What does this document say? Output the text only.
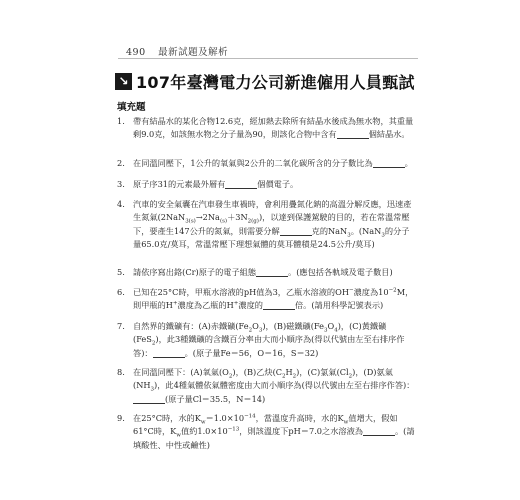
490 最新試題及解析
↘ 107年臺灣電力公司新進僱用人員甄試
填充題
1. 帶有結晶水的某化合物12.6克，經加熱去除所有結晶水後成為無水物，其重量剩9.0克，如該無水物之分子量為90，則該化合物中含有	個結晶水。
2. 在同溫同壓下，1公升的氧氣與2公升的二氧化碳所含的分子數比為	。
3. 原子序31的元素最外層有	個價電子。
4. 汽車的安全氣囊在汽車發生車禍時，會利用疊氮化鈉的高溫分解反應，迅速產生氮氣$(2NaN_{3(s)}\to 2Na_{(s)}+3N_{2(g)})$，以達到保護駕駛的目的，若在常溫常壓下，要產生147公升的氮氣，則需要分解	克的NaN$_3$。(NaN$_3$的分子量65.0克/莫耳，常溫常壓下理想氣體的莫耳體積是24.5公升/莫耳)
5. 請依序寫出鉻(Cr)原子的電子組態	。(應包括各軌域及電子數目)
6. 已知在25°C時，甲瓶水溶液的pH值為3，乙瓶水溶液的OH−濃度為$10^{-2}M$，則甲瓶的H+濃度為乙瓶的H+濃度的	倍。(請用科學記號表示)
7. 自然界的鐵礦有：(A)赤鐵礦$(Fe_2O_3)$，(B)磁鐵礦$(Fe_3O_4)$，(C)黃鐵礦(FeS$_2$)，此3種鐵礦的含鐵百分率由大而小順序為(得以代號由左至右排序作答)：	。(原子量Fe＝56，O＝16，S＝32)
8. 在同溫同壓下：(A)氧氣$(O_2)$，(B)乙炔$(C_2H_2)$，(C)氯氣$(Cl_2)$，(D)氨氣$(NH_3)$，此4種氣體依氣體密度由大而小順序為(得以代號由左至右排序作答)：(原子量Cl＝35.5，N＝14)
9. 在25°C時，水的$K_w=1.0\times 10^{-14}$，當溫度升高時，水的$K_w$值增大，假如61°C時，$K_w$值約$1.0\times 10^{-13}$，則該溫度下pH＝7.0之水溶液為	。(請填酸性、中性或鹼性)
